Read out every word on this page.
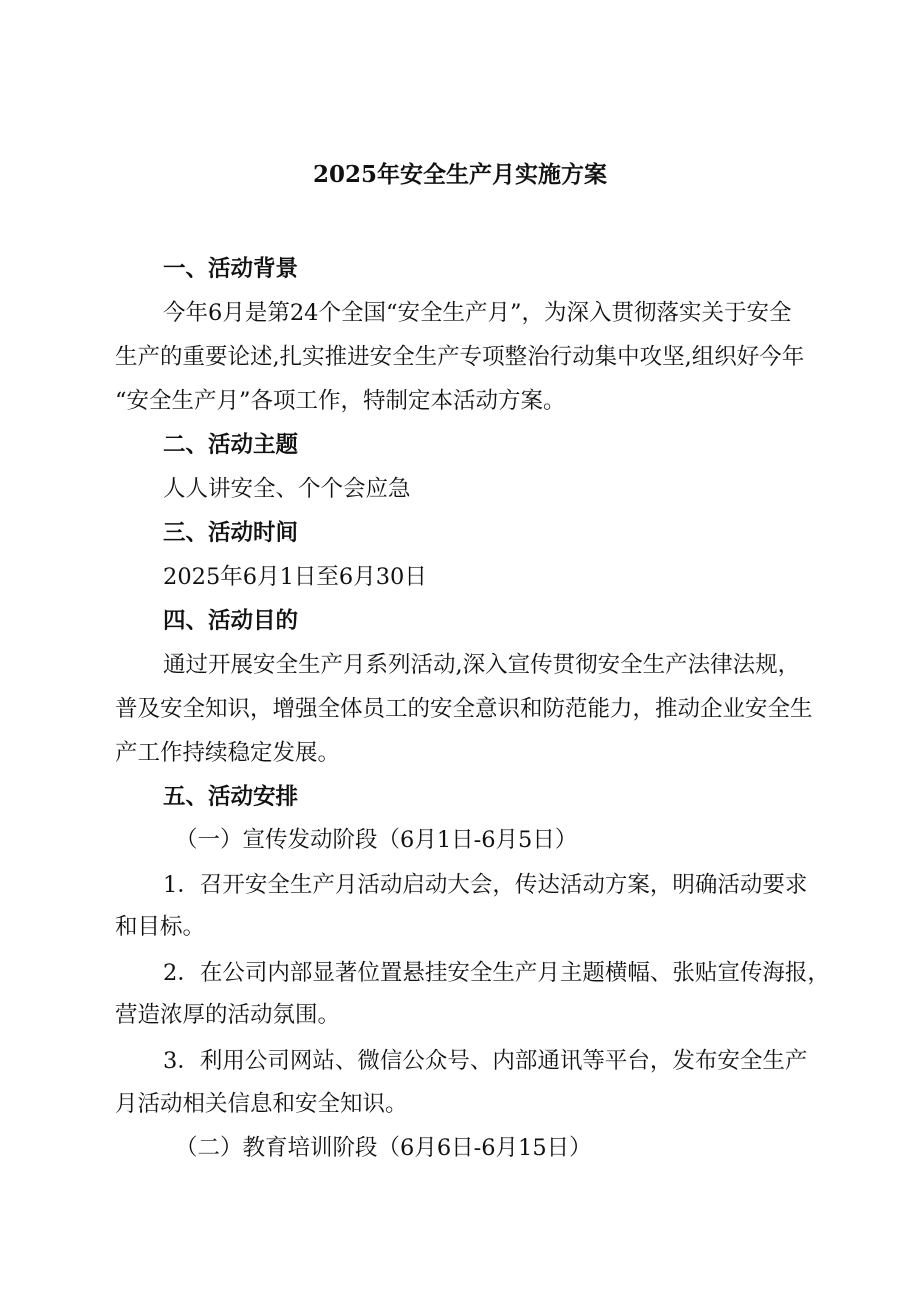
2025年安全生产月实施方案
一、活动背景
今年6月是第24个全国“安全生产月”，为深入贯彻落实关于安全
生产的重要论述,扎实推进安全生产专项整治行动集中攻坚,组织好今年
“安全生产月”各项工作，特制定本活动方案。
二、活动主题
人人讲安全、个个会应急
三、活动时间
2025年6月1日至6月30日
四、活动目的
通过开展安全生产月系列活动,深入宣传贯彻安全生产法律法规，
普及安全知识，增强全体员工的安全意识和防范能力，推动企业安全生
产工作持续稳定发展。
五、活动安排
（一）宣传发动阶段（6月1日-6月5日）
1．召开安全生产月活动启动大会，传达活动方案，明确活动要求
和目标。
2．在公司内部显著位置悬挂安全生产月主题横幅、张贴宣传海报，
营造浓厚的活动氛围。
3．利用公司网站、微信公众号、内部通讯等平台，发布安全生产
月活动相关信息和安全知识。
（二）教育培训阶段（6月6日-6月15日）
